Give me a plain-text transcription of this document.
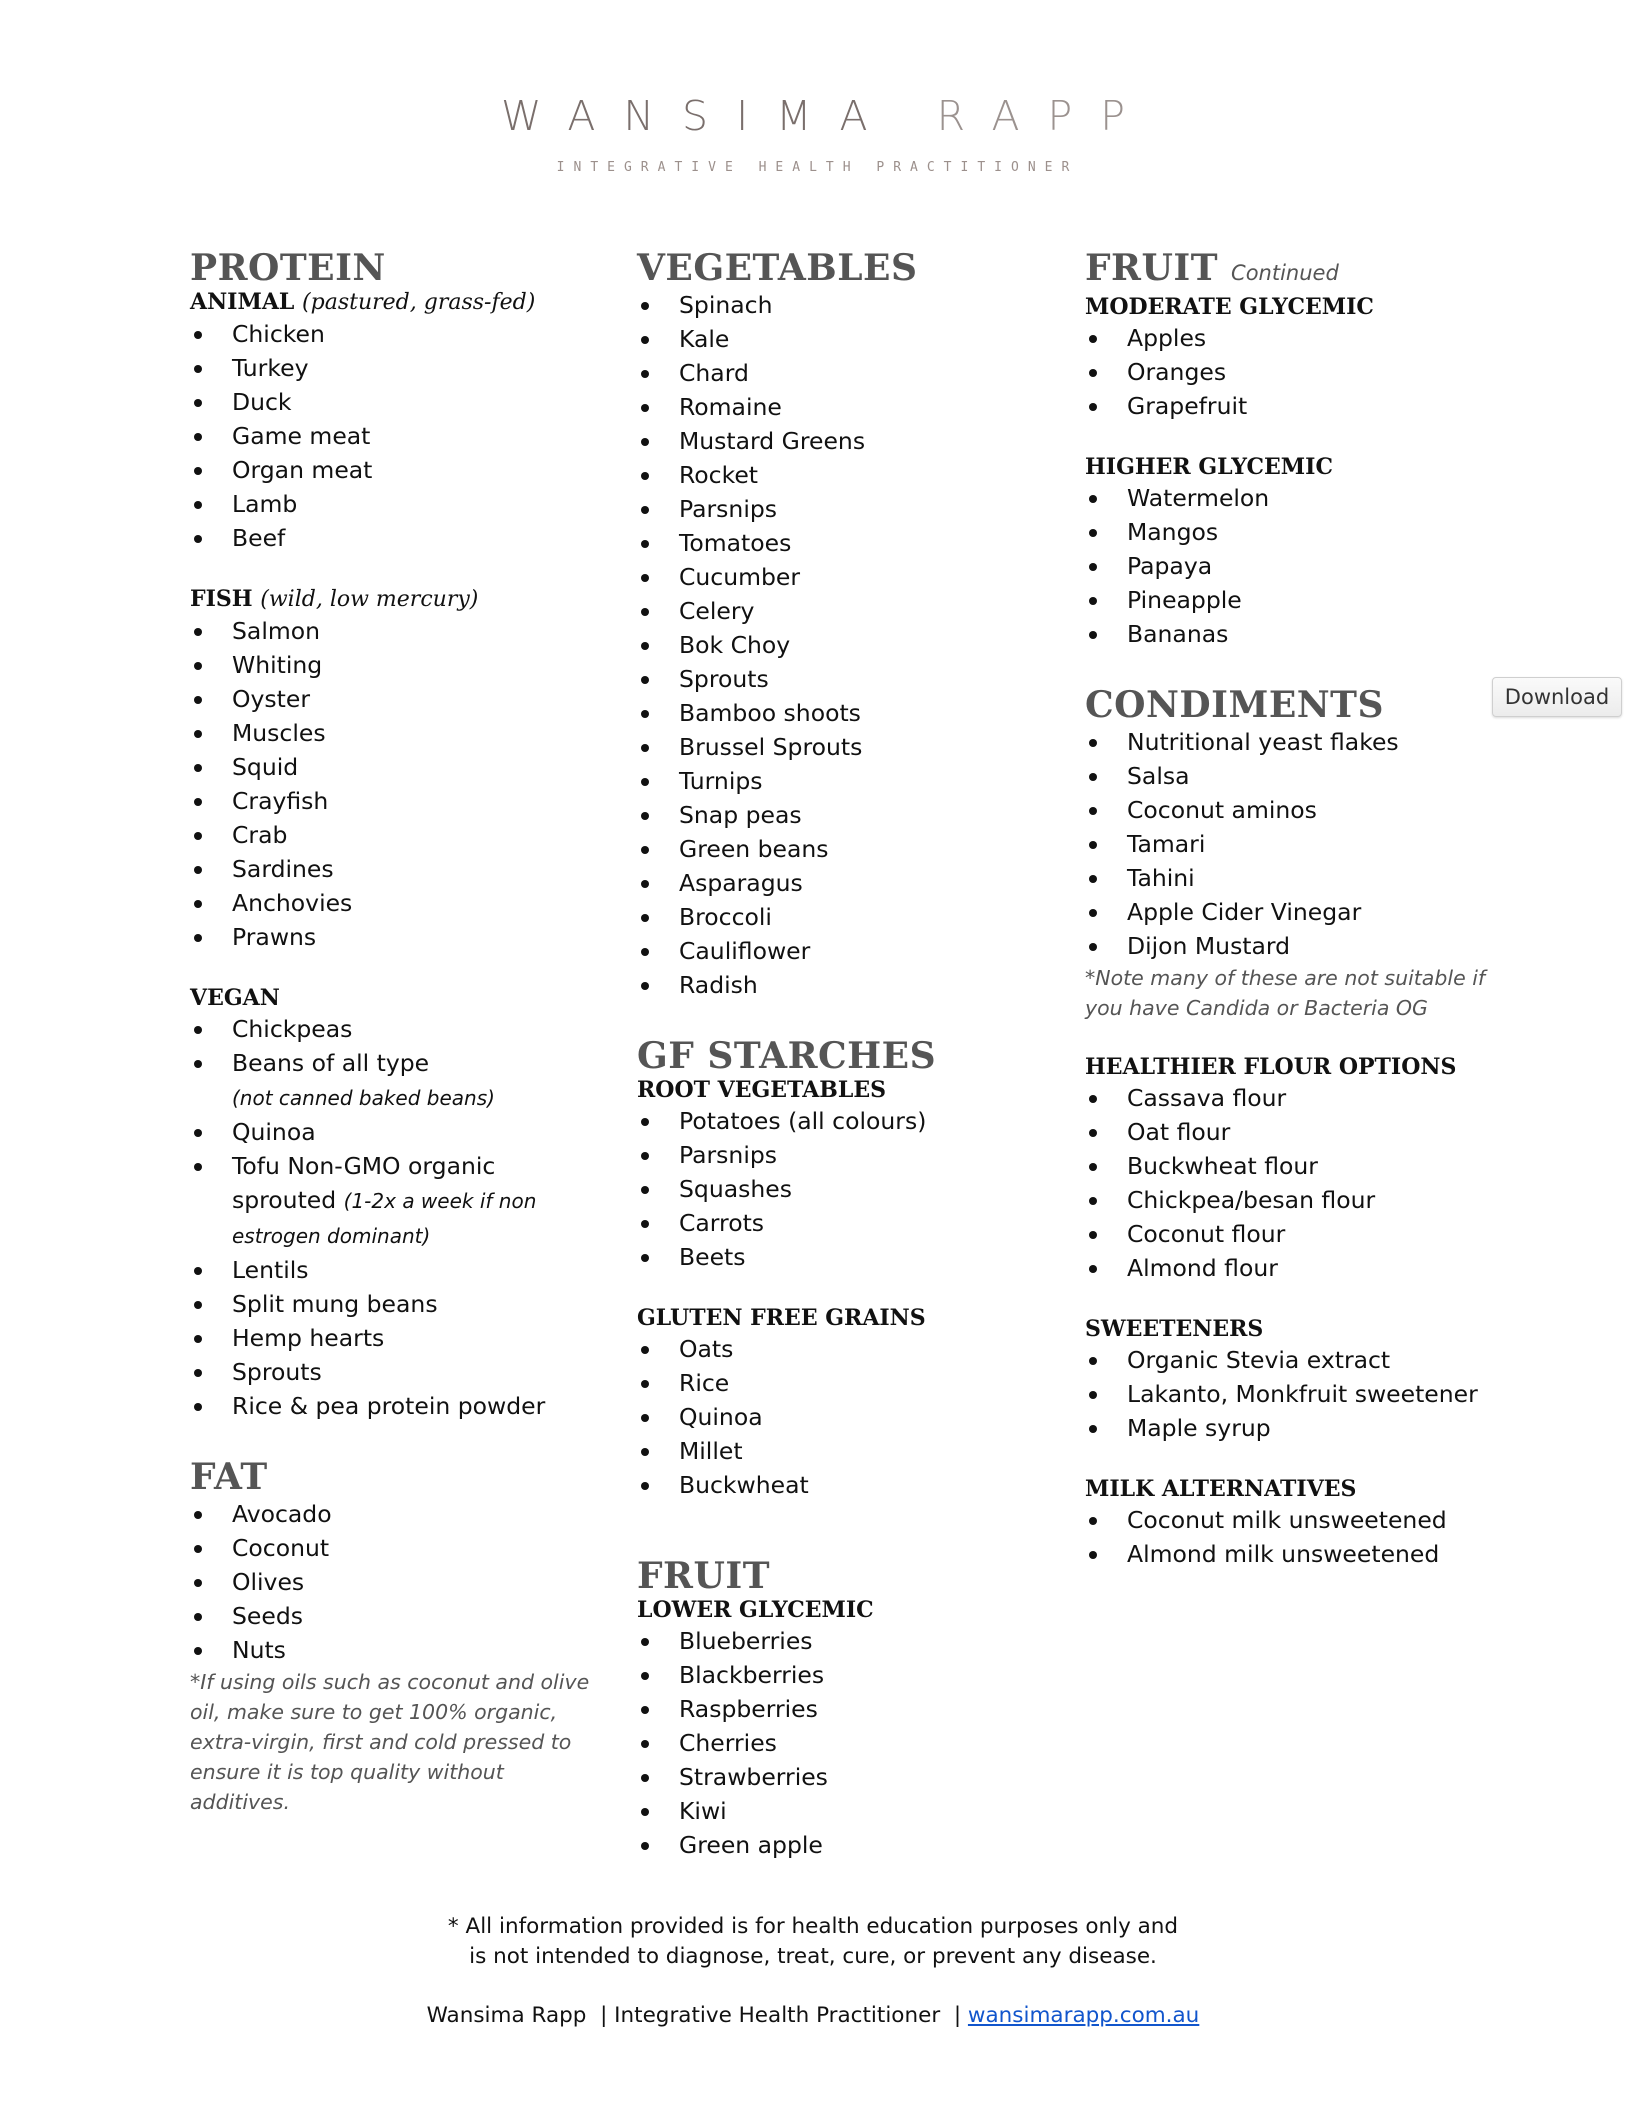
WANSIMA RAPP
INTEGRATIVE HEALTH PRACTITIONER
Download
PROTEIN
ANIMAL (pastured, grass-fed)
Chicken
Turkey
Duck
Game meat
Organ meat
Lamb
Beef
FISH (wild, low mercury)
Salmon
Whiting
Oyster
Muscles
Squid
Crayfish
Crab
Sardines
Anchovies
Prawns
VEGAN
Chickpeas
Beans of all type
(not canned baked beans)
Quinoa
Tofu Non-GMO organic sprouted (1-2x a week if non estrogen dominant)
Lentils
Split mung beans
Hemp hearts
Sprouts
Rice & pea protein powder
FAT
Avocado
Coconut
Olives
Seeds
Nuts

*If using oils such as coconut and olive oil, make sure to get 100% organic, extra-virgin, first and cold pressed to ensure it is top quality without additives.

VEGETABLES
Spinach
Kale
Chard
Romaine
Mustard Greens
Rocket
Parsnips
Tomatoes
Cucumber
Celery
Bok Choy
Sprouts
Bamboo shoots
Brussel Sprouts
Turnips
Snap peas
Green beans
Asparagus
Broccoli
Cauliflower
Radish
GF STARCHES
ROOT VEGETABLES
Potatoes (all colours)
Parsnips
Squashes
Carrots
Beets
GLUTEN FREE GRAINS
Oats
Rice
Quinoa
Millet
Buckwheat
FRUIT
LOWER GLYCEMIC
Blueberries
Blackberries
Raspberries
Cherries
Strawberries
Kiwi
Green apple
FRUIT Continued
MODERATE GLYCEMIC
Apples
Oranges
Grapefruit
HIGHER GLYCEMIC
Watermelon
Mangos
Papaya
Pineapple
Bananas
CONDIMENTS
Nutritional yeast flakes
Salsa
Coconut aminos
Tamari
Tahini
Apple Cider Vinegar
Dijon Mustard

*Note many of these are not suitable if you have Candida or Bacteria OG

HEALTHIER FLOUR OPTIONS
Cassava flour
Oat flour
Buckwheat flour
Chickpea/besan flour
Coconut flour
Almond flour
SWEETENERS
Organic Stevia extract
Lakanto, Monkfruit sweetener
Maple syrup
MILK ALTERNATIVES
Coconut milk unsweetened
Almond milk unsweetened
* All information provided is for health education purposes only and
is not intended to diagnose, treat, cure, or prevent any disease.
Wansima Rapp  | Integrative Health Practitioner  | wansimarapp.com.au
